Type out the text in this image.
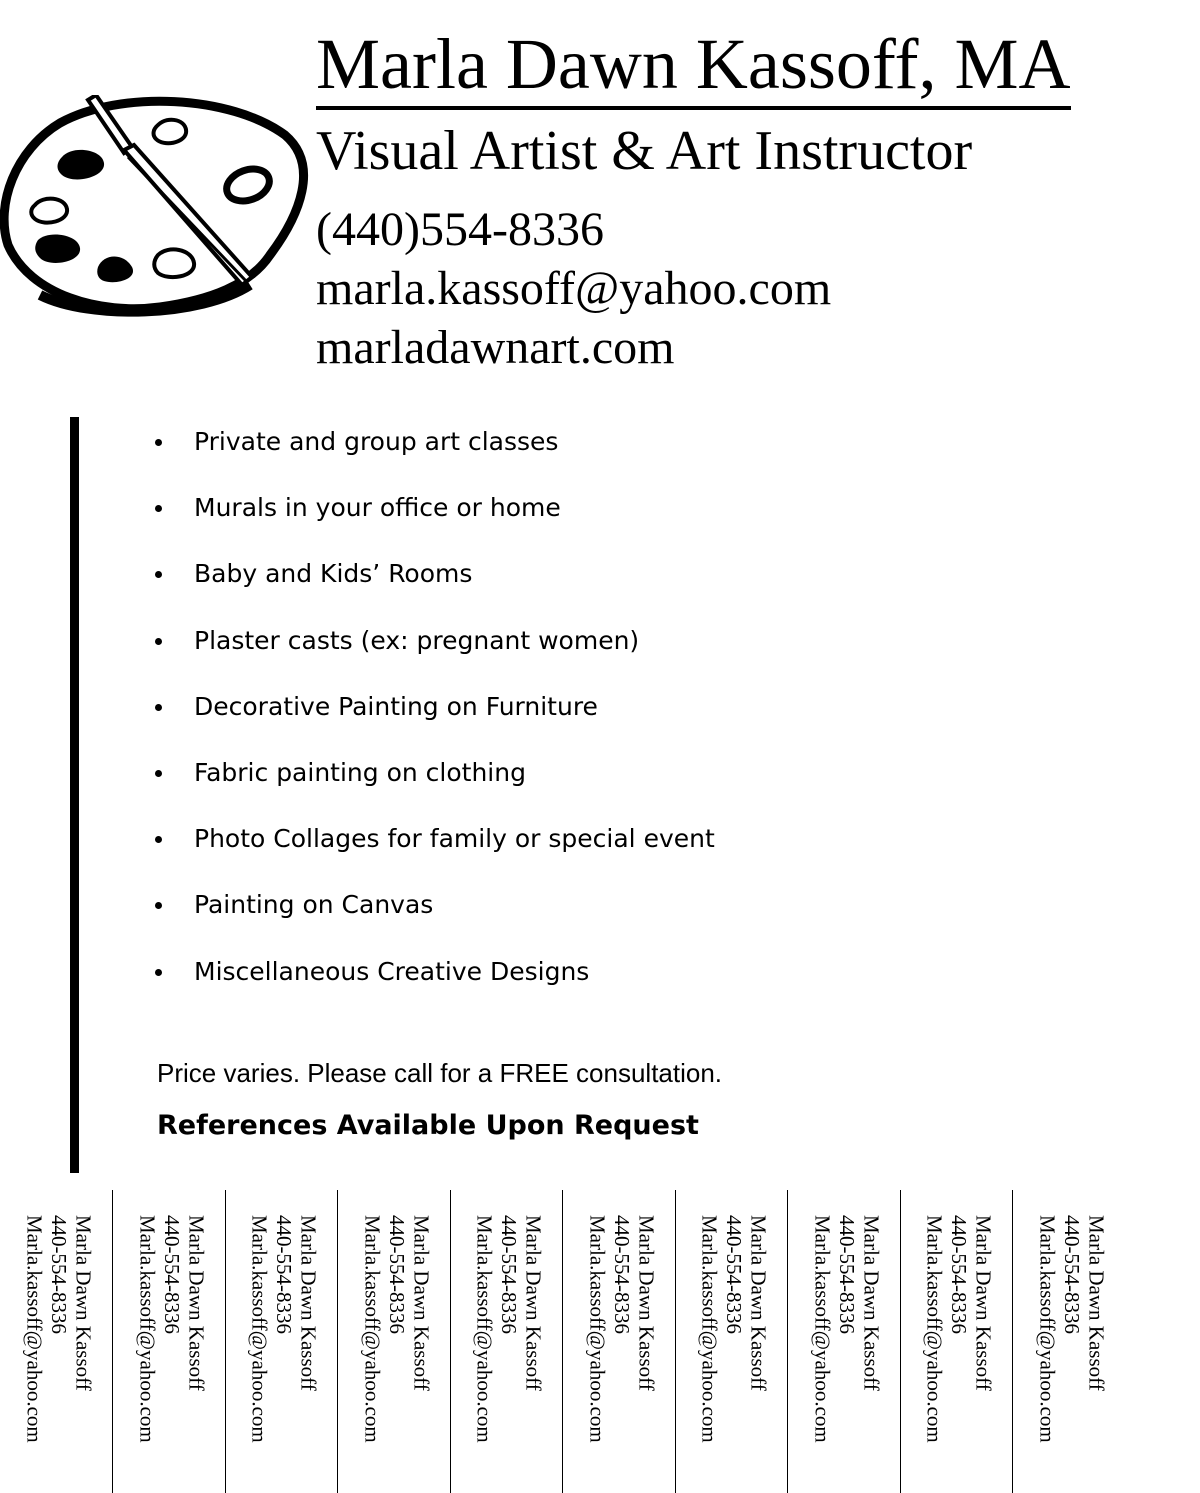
Marla Dawn Kassoff, MA
Visual Artist & Art Instructor
(440)554-8336
marla.kassoff@yahoo.com
marladawnart.com
Private and group art classes
Murals in your office or home
Baby and Kids’ Rooms
Plaster casts (ex: pregnant women)
Decorative Painting on Furniture
Fabric painting on clothing
Photo Collages for family or special event
Painting on Canvas
Miscellaneous Creative Designs
Price varies. Please call for a FREE consultation.
References Available Upon Request
Marla Dawn Kassoff
440-554-8336
Marla.kassoff@yahoo.com	Marla Dawn Kassoff
440-554-8336
Marla.kassoff@yahoo.com	Marla Dawn Kassoff
440-554-8336
Marla.kassoff@yahoo.com	Marla Dawn Kassoff
440-554-8336
Marla.kassoff@yahoo.com	Marla Dawn Kassoff
440-554-8336
Marla.kassoff@yahoo.com	Marla Dawn Kassoff
440-554-8336
Marla.kassoff@yahoo.com	Marla Dawn Kassoff
440-554-8336
Marla.kassoff@yahoo.com	Marla Dawn Kassoff
440-554-8336
Marla.kassoff@yahoo.com	Marla Dawn Kassoff
440-554-8336
Marla.kassoff@yahoo.com	Marla Dawn Kassoff
440-554-8336
Marla.kassoff@yahoo.com
